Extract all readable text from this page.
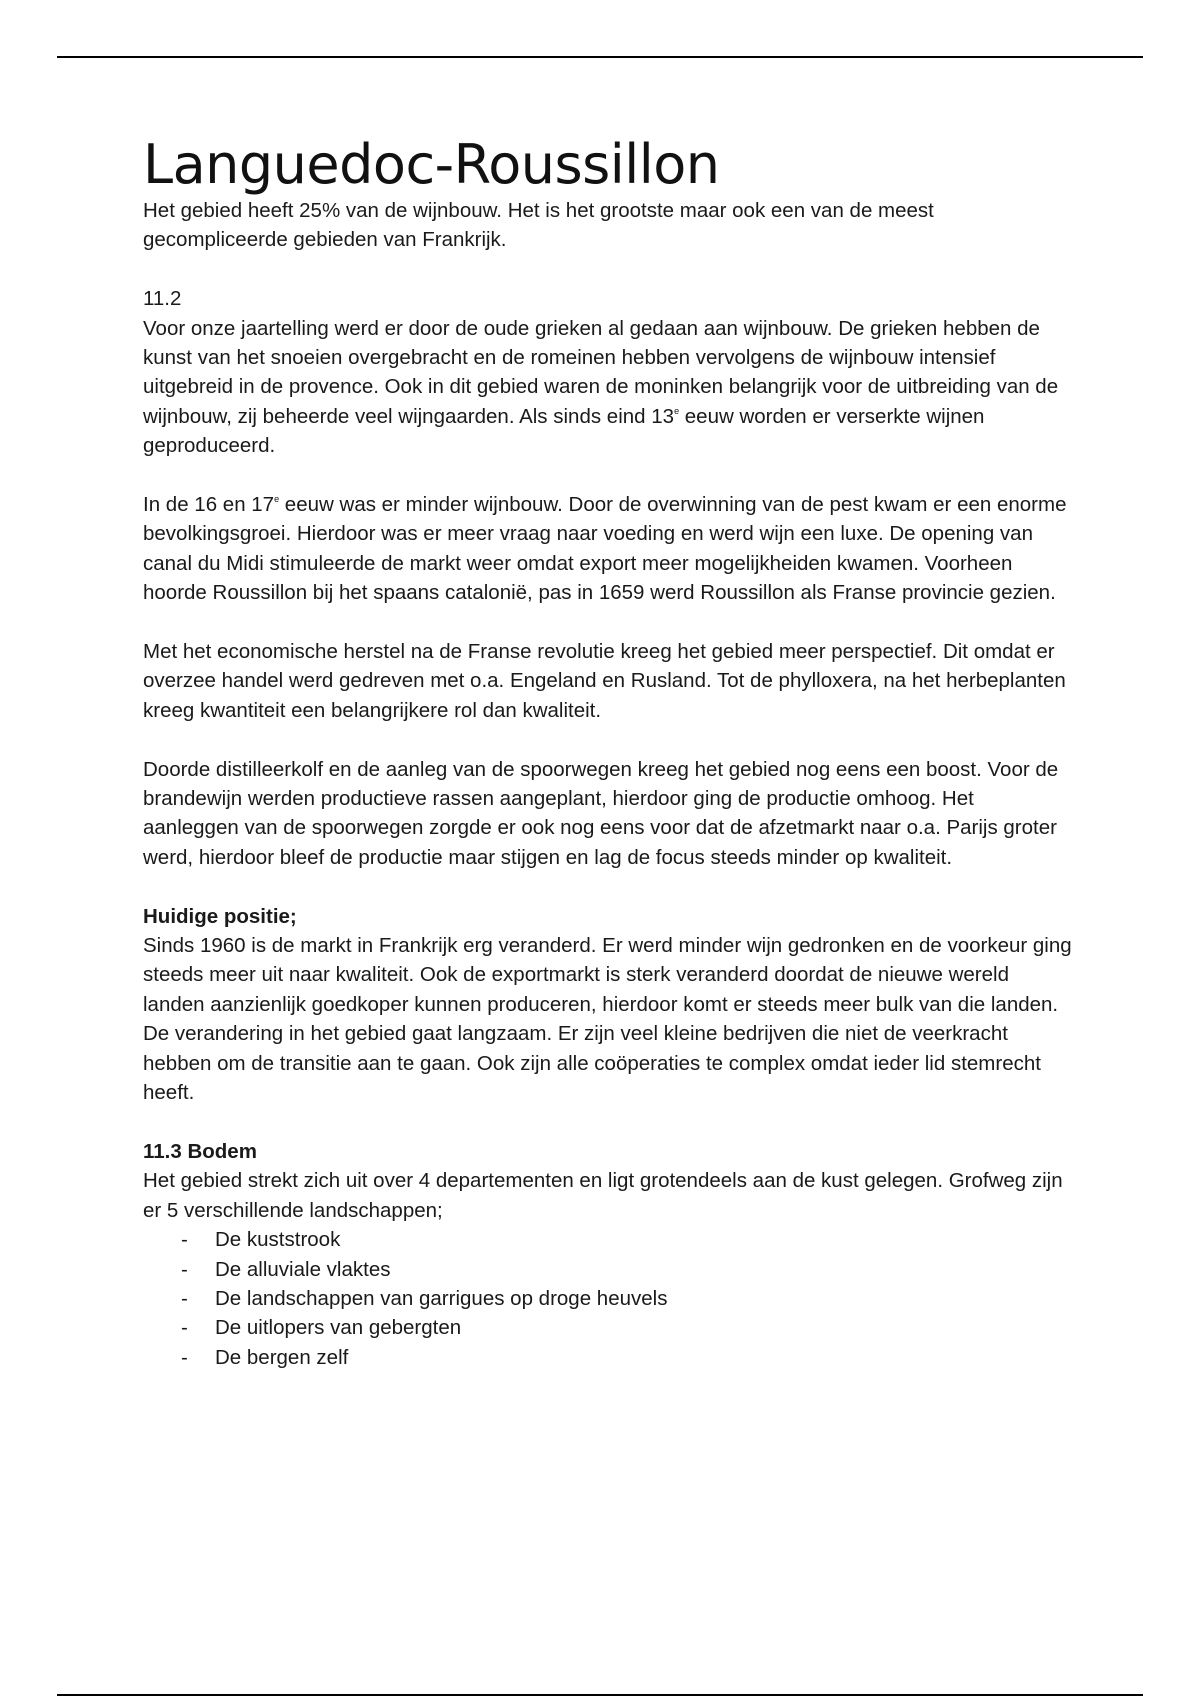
Languedoc-Roussillon

Het gebied heeft 25% van de wijnbouw. Het is het grootste maar ook een van de meest gecompliceerde gebieden van Frankrijk.

11.2

Voor onze jaartelling werd er door de oude grieken al gedaan aan wijnbouw. De grieken hebben de kunst van het snoeien overgebracht en de romeinen hebben vervolgens de wijnbouw intensief uitgebreid in de provence. Ook in dit gebied waren de moninken belangrijk voor de uitbreiding van de wijnbouw, zij beheerde veel wijngaarden. Als sinds eind 13e eeuw worden er verserkte wijnen geproduceerd.

In de 16 en 17e eeuw was er minder wijnbouw. Door de overwinning van de pest kwam er een enorme bevolkingsgroei. Hierdoor was er meer vraag naar voeding en werd wijn een luxe. De opening van canal du Midi stimuleerde de markt weer omdat export meer mogelijkheiden kwamen. Voorheen hoorde Roussillon bij het spaans catalonië, pas in 1659 werd Roussillon als Franse provincie gezien.

Met het economische herstel na de Franse revolutie kreeg het gebied meer perspectief. Dit omdat er overzee handel werd gedreven met o.a. Engeland en Rusland. Tot de phylloxera, na het herbeplanten kreeg kwantiteit een belangrijkere rol dan kwaliteit.

Doorde distilleerkolf en de aanleg van de spoorwegen kreeg het gebied nog eens een boost. Voor de brandewijn werden productieve rassen aangeplant, hierdoor ging de productie omhoog. Het aanleggen van de spoorwegen zorgde er ook nog eens voor dat de afzetmarkt naar o.a. Parijs groter werd, hierdoor bleef de productie maar stijgen en lag de focus steeds minder op kwaliteit.

Huidige positie;

Sinds 1960 is de markt in Frankrijk erg veranderd. Er werd minder wijn gedronken en de voorkeur ging steeds meer uit naar kwaliteit. Ook de exportmarkt is sterk veranderd doordat de nieuwe wereld landen aanzienlijk goedkoper kunnen produceren, hierdoor komt er steeds meer bulk van die landen. De verandering in het gebied gaat langzaam. Er zijn veel kleine bedrijven die niet de veerkracht hebben om de transitie aan te gaan. Ook zijn alle coöperaties te complex omdat ieder lid stemrecht heeft.

11.3 Bodem

Het gebied strekt zich uit over 4 departementen en ligt grotendeels aan de kust gelegen. Grofweg zijn er 5 verschillende landschappen;

- De kuststrook
- De alluviale vlaktes
- De landschappen van garrigues op droge heuvels
- De uitlopers van gebergten
- De bergen zelf
